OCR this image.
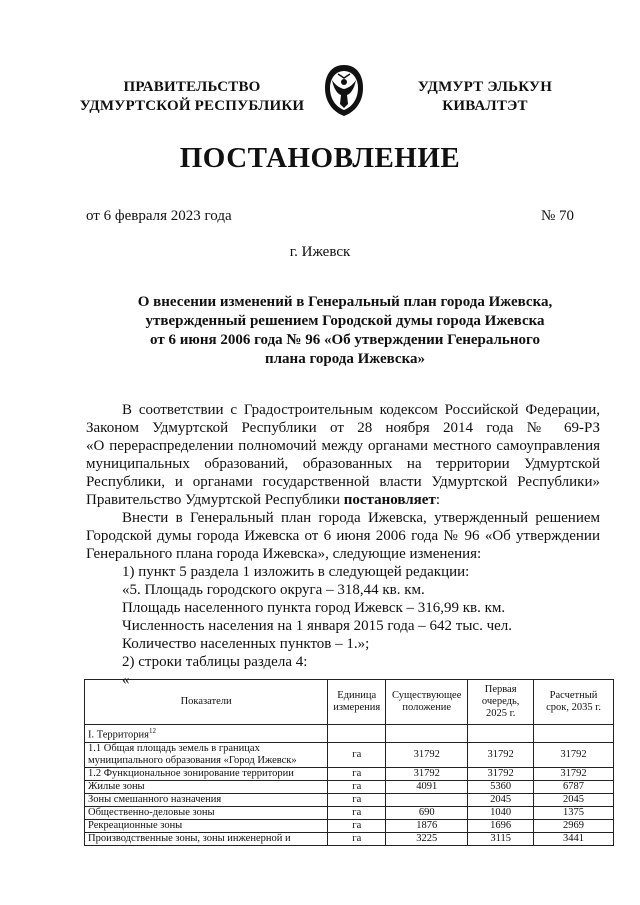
ПРАВИТЕЛЬСТВО
УДМУРТСКОЙ РЕСПУБЛИКИ
УДМУРТ ЭЛЬКУН
КИВАЛТЭТ
ПОСТАНОВЛЕНИЕ
от 6 февраля 2023 года	№ 70
г. Ижевск
О внесении изменений в Генеральный план города Ижевска,
утвержденный решением Городской думы города Ижевска
от 6 июня 2006 года № 96 «Об утверждении Генерального
плана города Ижевска»
В соответствии с Градостроительным кодексом Российской Федерации,
Законом Удмуртской Республики от 28 ноября 2014 года № 69-РЗ
«О перераспределении полномочий между органами местного самоуправления
муниципальных образований, образованных на территории Удмуртской
Республики, и органами государственной власти Удмуртской Республики»
Правительство Удмуртской Республики постановляет:
Внести в Генеральный план города Ижевска, утвержденный решением
Городской думы города Ижевска от 6 июня 2006 года № 96 «Об утверждении
Генерального плана города Ижевска», следующие изменения:
1) пункт 5 раздела 1 изложить в следующей редакции:
«5. Площадь городского округа – 318,44 кв. км.
Площадь населенного пункта город Ижевск – 316,99 кв. км.
Численность населения на 1 января 2015 года – 642 тыс. чел.
Количество населенных пунктов – 1.»;
2) строки таблицы раздела 4:
«
Показатели	Единица измерения	Существующее положение	Первая очередь, 2025 г.	Расчетный срок, 2035 г.
I. Территория$^{12}$				
1.1 Общая площадь земель в границах муниципального образования «Город Ижевск»	га	31792	31792	31792
1.2 Функциональное зонирование территории	га	31792	31792	31792
Жилые зоны	га	4091	5360	6787
Зоны смешанного назначения	га		2045	2045
Общественно-деловые зоны	га	690	1040	1375
Рекреационные зоны	га	1876	1696	2969
Производственные зоны, зоны инженерной и	га	3225	3115	3441
